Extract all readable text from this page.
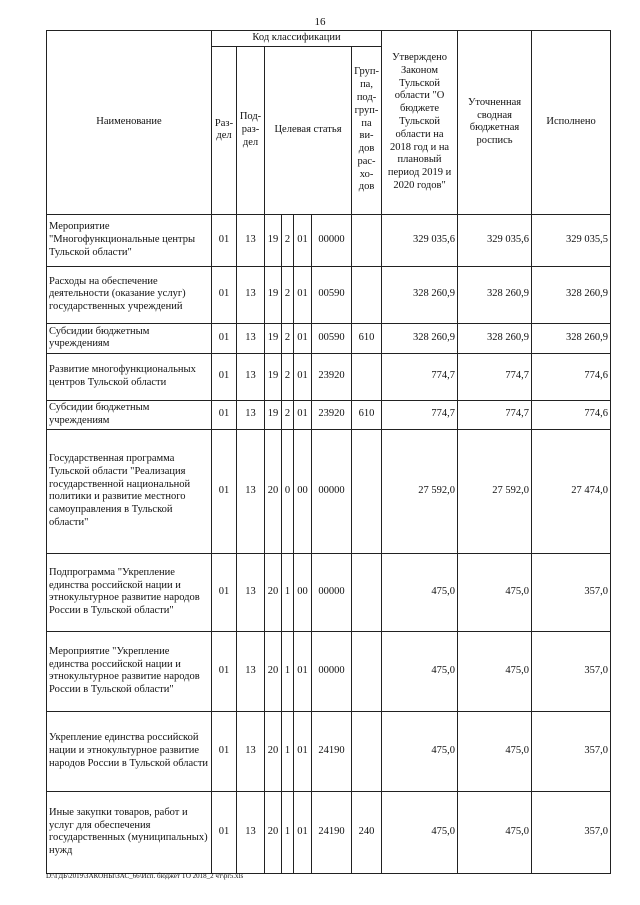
16
Наименование	Код классификации							Утверждено Законом Тульской области "О бюджете Тульской области на 2018 год и на плановый период 2019 и 2020 годов"	Уточненная сводная бюджетная роспись	Исполнено
	Раз-дел	Под-раз-дел	Целевая статья				Груп-па, под-груп-па ви-дов рас-хо-дов			
Мероприятие "Многофункциональные центры Тульской области"	01	13	19	2	01	00000		329 035,6	329 035,6	329 035,5
Расходы на обеспечение деятельности (оказание услуг) государственных учреждений	01	13	19	2	01	00590		328 260,9	328 260,9	328 260,9
Субсидии бюджетным учреждениям	01	13	19	2	01	00590	610	328 260,9	328 260,9	328 260,9
Развитие многофункциональных центров Тульской области	01	13	19	2	01	23920		774,7	774,7	774,6
Субсидии бюджетным учреждениям	01	13	19	2	01	23920	610	774,7	774,7	774,6
Государственная программа Тульской области "Реализация государственной национальной политики и развитие местного самоуправления в Тульской области"	01	13	20	0	00	00000		27 592,0	27 592,0	27 474,0
Подпрограмма "Укрепление единства российской нации и этнокультурное развитие народов России в Тульской области"	01	13	20	1	00	00000		475,0	475,0	357,0
Мероприятие "Укрепление единства российской нации и этнокультурное развитие народов России в Тульской области"	01	13	20	1	01	00000		475,0	475,0	357,0
Укрепление единства российской нации и этнокультурное развитие народов России в Тульской области	01	13	20	1	01	24190		475,0	475,0	357,0
Иные закупки товаров, работ и услуг для обеспечения государственных (муниципальных) нужд	01	13	20	1	01	24190	240	475,0	475,0	357,0
D:\ГДБ\2019\ЗАКОНЫ\ЗАС_66\Исп. бюджет ТО 2018_2 чт\pr5.xls
